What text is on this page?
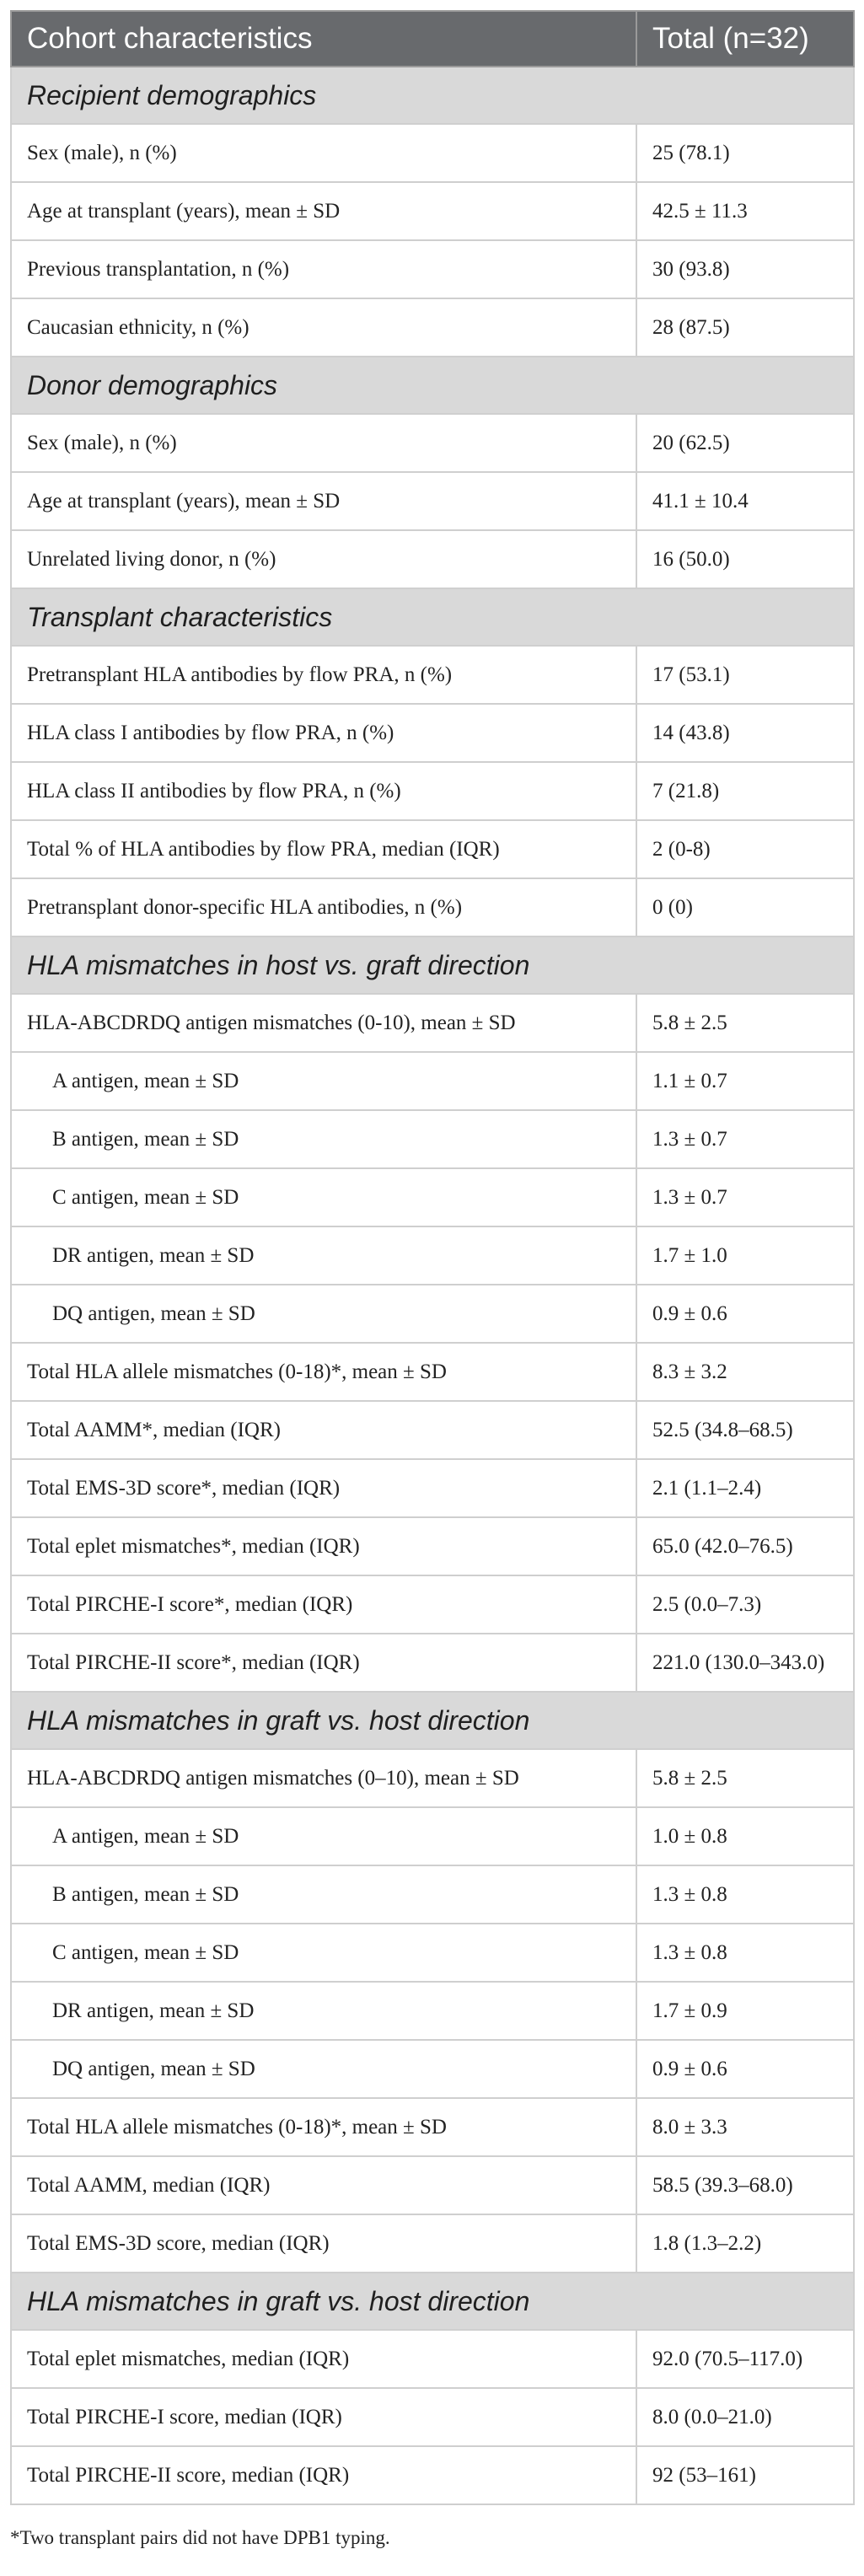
Cohort characteristics	Total (n=32)
Recipient demographics	
Sex (male), n (%)	25 (78.1)
Age at transplant (years), mean ± SD	42.5 ± 11.3
Previous transplantation, n (%)	30 (93.8)
Caucasian ethnicity, n (%)	28 (87.5)
Donor demographics	
Sex (male), n (%)	20 (62.5)
Age at transplant (years), mean ± SD	41.1 ± 10.4
Unrelated living donor, n (%)	16 (50.0)
Transplant characteristics	
Pretransplant HLA antibodies by flow PRA, n (%)	17 (53.1)
HLA class I antibodies by flow PRA, n (%)	14 (43.8)
HLA class II antibodies by flow PRA, n (%)	7 (21.8)
Total % of HLA antibodies by flow PRA, median (IQR)	2 (0-8)
Pretransplant donor-specific HLA antibodies, n (%)	0 (0)
HLA mismatches in host vs. graft direction	
HLA-ABCDRDQ antigen mismatches (0-10), mean ± SD	5.8 ± 2.5
A antigen, mean ± SD	1.1 ± 0.7
B antigen, mean ± SD	1.3 ± 0.7
C antigen, mean ± SD	1.3 ± 0.7
DR antigen, mean ± SD	1.7 ± 1.0
DQ antigen, mean ± SD	0.9 ± 0.6
Total HLA allele mismatches (0-18)*, mean ± SD	8.3 ± 3.2
Total AAMM*, median (IQR)	52.5 (34.8–68.5)
Total EMS-3D score*, median (IQR)	2.1 (1.1–2.4)
Total eplet mismatches*, median (IQR)	65.0 (42.0–76.5)
Total PIRCHE-I score*, median (IQR)	2.5 (0.0–7.3)
Total PIRCHE-II score*, median (IQR)	221.0 (130.0–343.0)
HLA mismatches in graft vs. host direction	
HLA-ABCDRDQ antigen mismatches (0–10), mean ± SD	5.8 ± 2.5
A antigen, mean ± SD	1.0 ± 0.8
B antigen, mean ± SD	1.3 ± 0.8
C antigen, mean ± SD	1.3 ± 0.8
DR antigen, mean ± SD	1.7 ± 0.9
DQ antigen, mean ± SD	0.9 ± 0.6
Total HLA allele mismatches (0-18)*, mean ± SD	8.0 ± 3.3
Total AAMM, median (IQR)	58.5 (39.3–68.0)
Total EMS-3D score, median (IQR)	1.8 (1.3–2.2)
HLA mismatches in graft vs. host direction	
Total eplet mismatches, median (IQR)	92.0 (70.5–117.0)
Total PIRCHE-I score, median (IQR)	8.0 (0.0–21.0)
Total PIRCHE-II score, median (IQR)	92 (53–161)
*Two transplant pairs did not have DPB1 typing.
